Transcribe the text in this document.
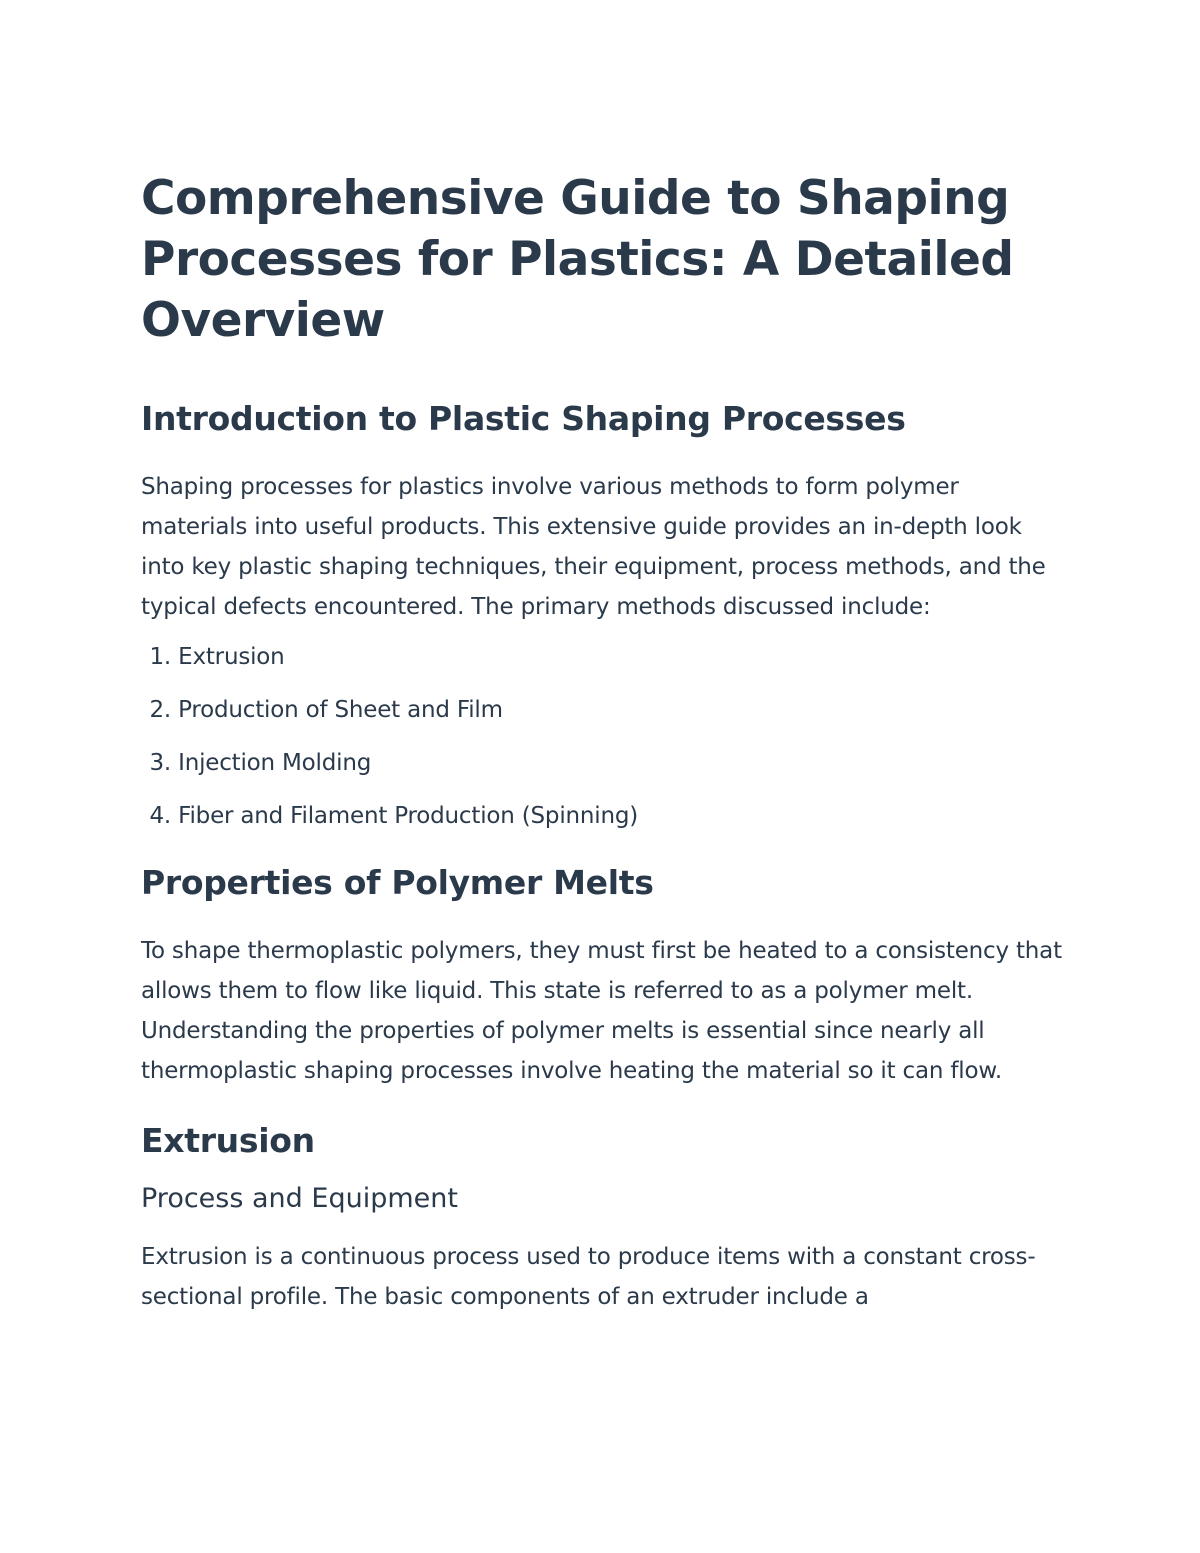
Comprehensive Guide to Shaping Processes for Plastics: A Detailed Overview
Introduction to Plastic Shaping Processes

Shaping processes for plastics involve various methods to form polymer materials into useful products. This extensive guide provides an in-depth look into key plastic shaping techniques, their equipment, process methods, and the typical defects encountered. The primary methods discussed include:

1.
Extrusion
2.
Production of Sheet and Film
3.
Injection Molding
4.
Fiber and Filament Production (Spinning)
Properties of Polymer Melts

To shape thermoplastic polymers, they must first be heated to a consistency that allows them to flow like liquid. This state is referred to as a polymer melt. Understanding the properties of polymer melts is essential since nearly all thermoplastic shaping processes involve heating the material so it can flow.

Extrusion
Process and Equipment

Extrusion is a continuous process used to produce items with a constant cross-sectional profile. The basic components of an extruder include a
